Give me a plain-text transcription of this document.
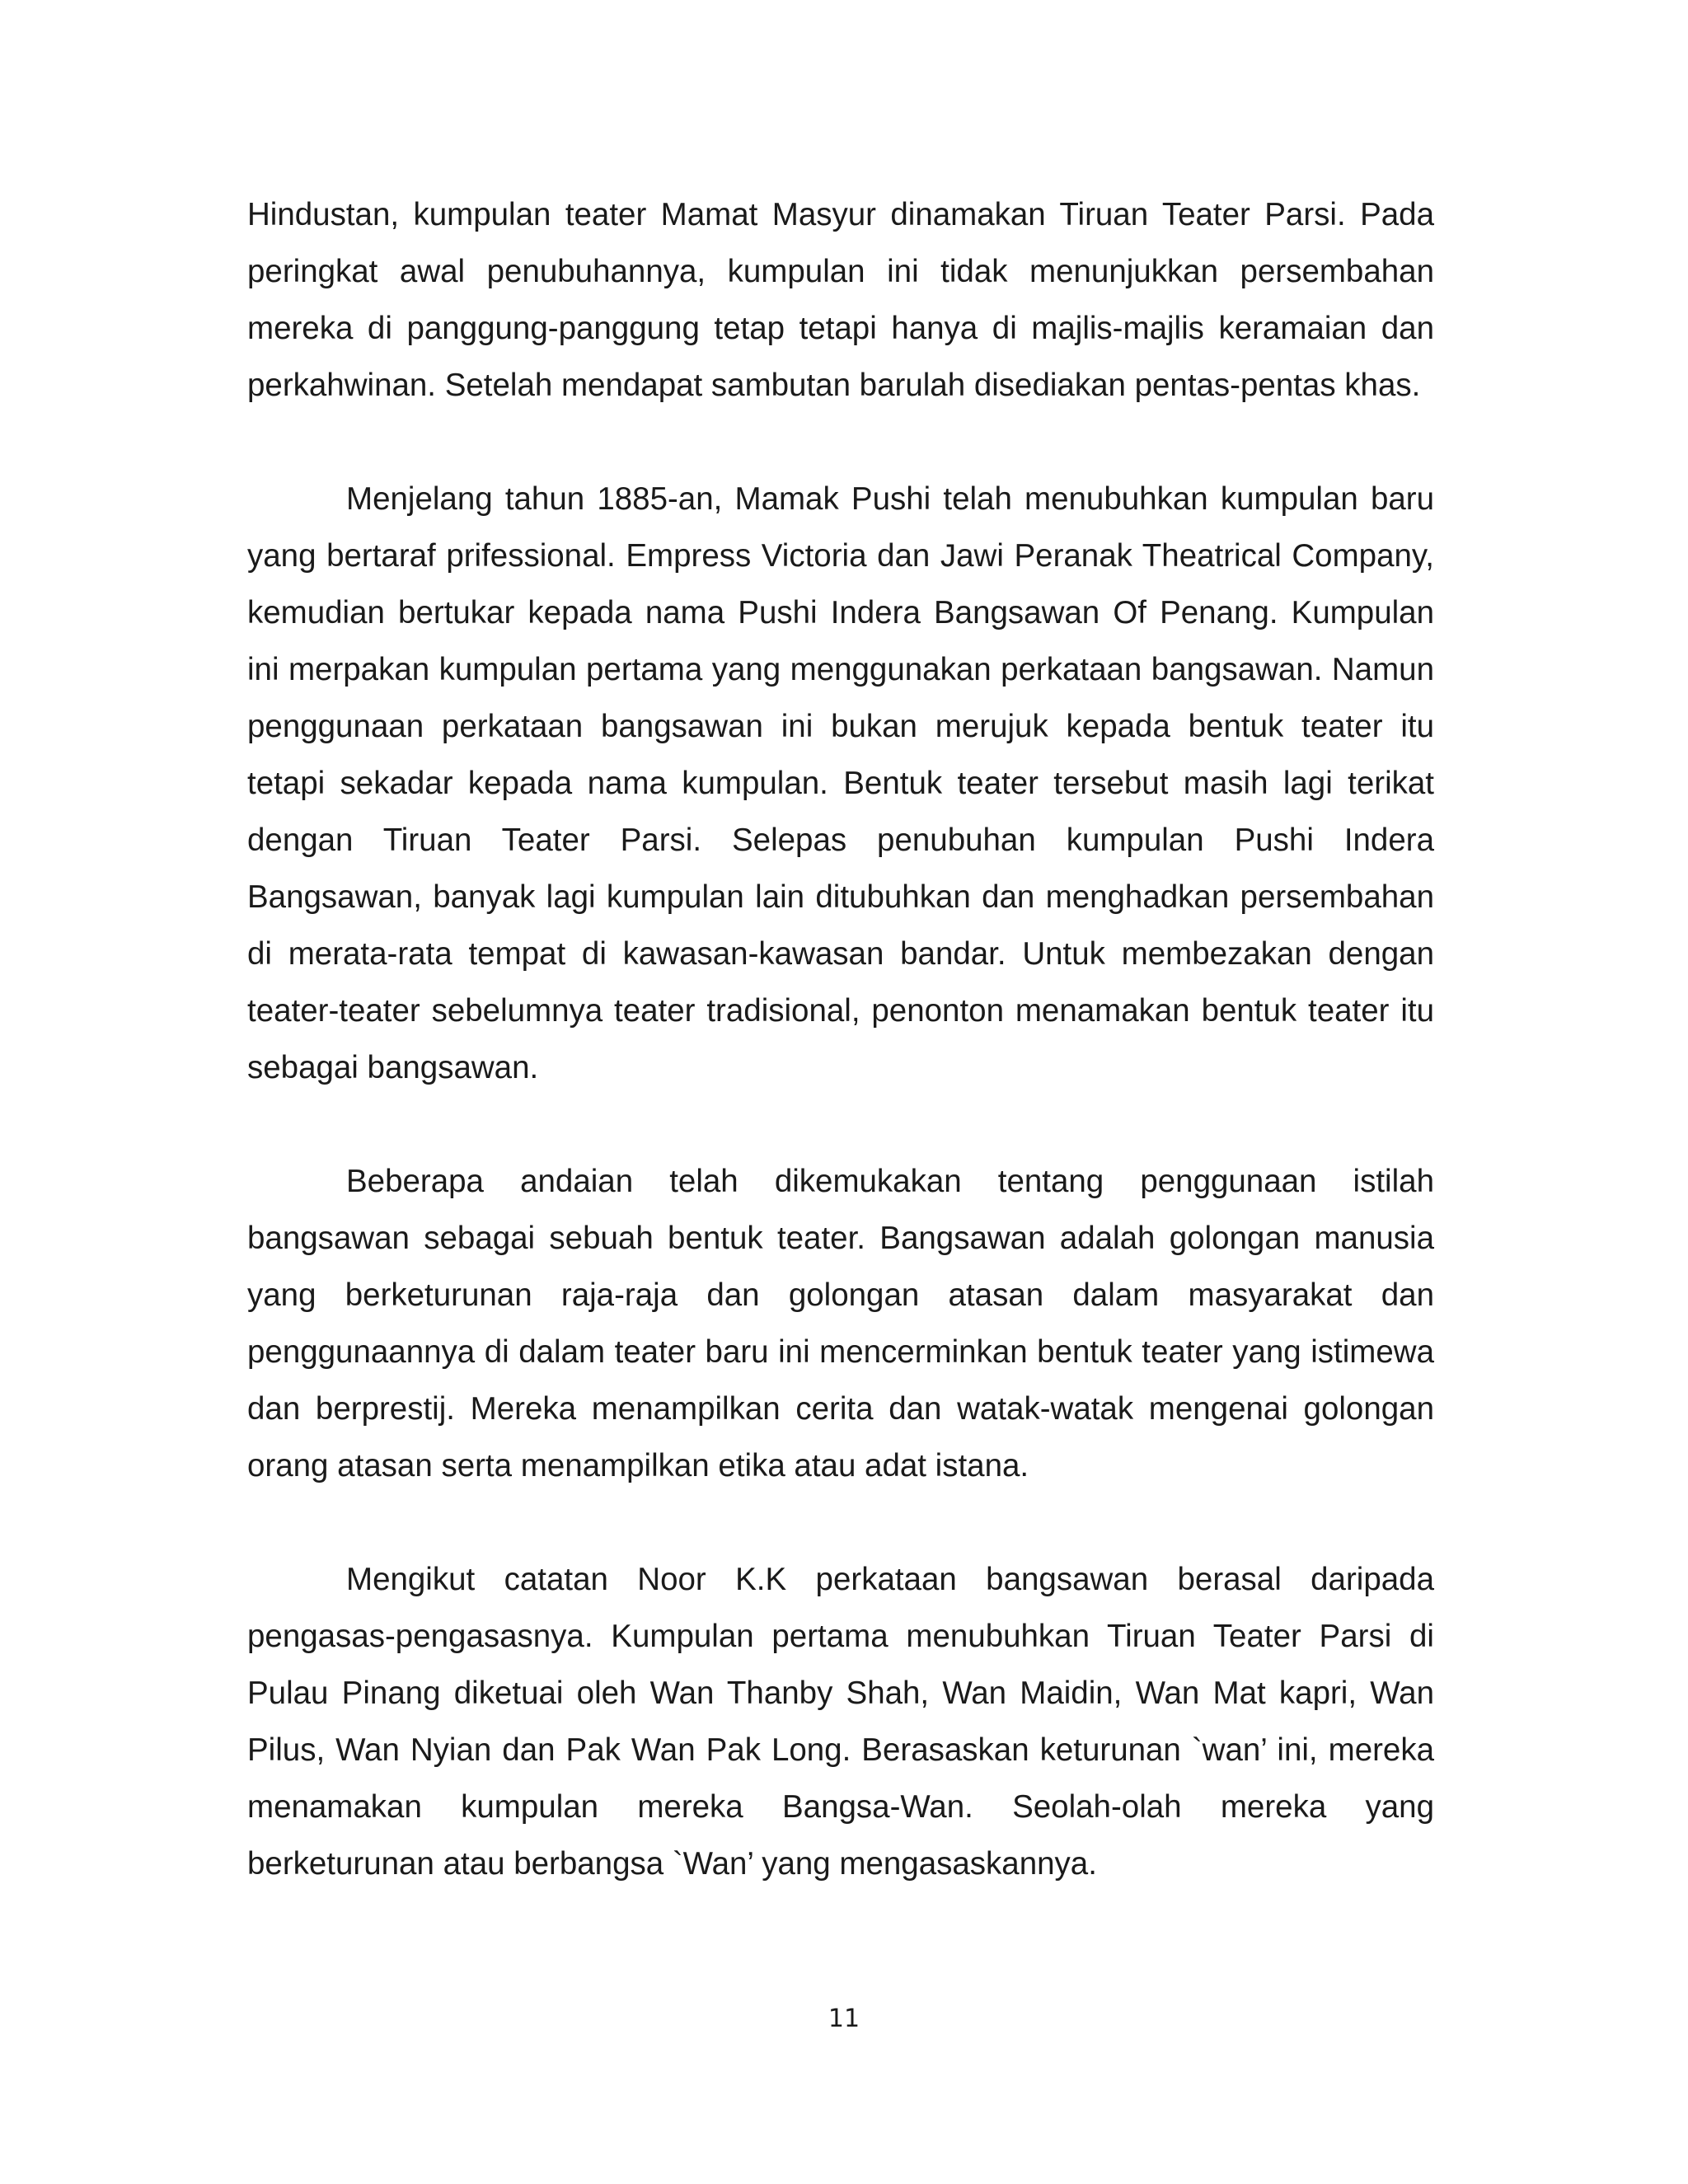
Hindustan, kumpulan teater Mamat Masyur dinamakan Tiruan Teater Parsi. Pada peringkat awal penubuhannya, kumpulan ini tidak menunjukkan persembahan mereka di panggung-panggung tetap tetapi hanya di majlis-majlis keramaian dan perkahwinan. Setelah mendapat sambutan barulah disediakan pentas-pentas khas.

Menjelang tahun 1885-an, Mamak Pushi telah menubuhkan kumpulan baru yang bertaraf prifessional. Empress Victoria dan Jawi Peranak Theatrical Company, kemudian bertukar kepada nama Pushi Indera Bangsawan Of Penang. Kumpulan ini merpakan kumpulan pertama yang menggunakan perkataan bangsawan. Namun penggunaan perkataan bangsawan ini bukan merujuk kepada bentuk teater itu tetapi sekadar kepada nama kumpulan. Bentuk teater tersebut masih lagi terikat dengan Tiruan Teater Parsi. Selepas penubuhan kumpulan Pushi Indera Bangsawan, banyak lagi kumpulan lain ditubuhkan dan menghadkan persembahan di merata-rata tempat di kawasan-kawasan bandar. Untuk membezakan dengan teater-teater sebelumnya teater tradisional, penonton menamakan bentuk teater itu sebagai bangsawan.

Beberapa andaian telah dikemukakan tentang penggunaan istilah bangsawan sebagai sebuah bentuk teater. Bangsawan adalah golongan manusia yang berketurunan raja-raja dan golongan atasan dalam masyarakat dan penggunaannya di dalam teater baru ini mencerminkan bentuk teater yang istimewa dan berprestij. Mereka menampilkan cerita dan watak-watak mengenai golongan orang atasan serta menampilkan etika atau adat istana.

Mengikut catatan Noor K.K perkataan bangsawan berasal daripada pengasas-pengasasnya. Kumpulan pertama menubuhkan Tiruan Teater Parsi di Pulau Pinang diketuai oleh Wan Thanby Shah, Wan Maidin, Wan Mat kapri, Wan Pilus, Wan Nyian dan Pak Wan Pak Long. Berasaskan keturunan `wan’ ini, mereka menamakan kumpulan mereka Bangsa-Wan. Seolah-olah mereka yang berketurunan atau berbangsa `Wan’ yang mengasaskannya.

11
